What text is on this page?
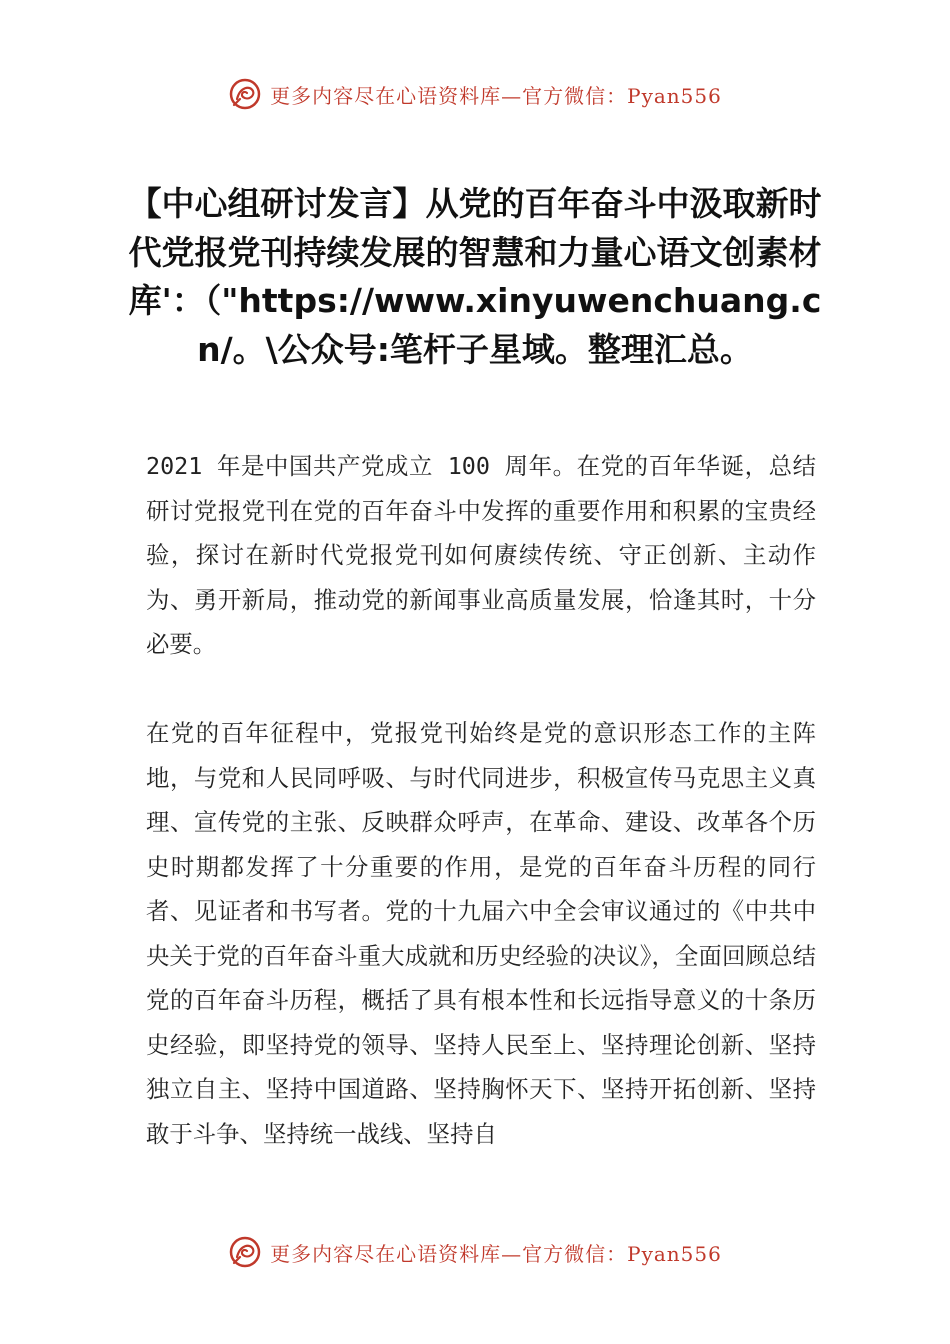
更多内容尽在心语资料库—官方微信：Pyan556
【中心组研讨发言】从党的百年奋斗中汲取新时代党报党刊持续发展的智慧和力量心语文创素材库'：（"https://www.xinyuwenchuang.cn/。\公众号:笔杆子星域。整理汇总。

2021 年是中国共产党成立 100 周年。在党的百年华诞，总结研讨党报党刊在党的百年奋斗中发挥的重要作用和积累的宝贵经验，探讨在新时代党报党刊如何赓续传统、守正创新、主动作为、勇开新局，推动党的新闻事业高质量发展，恰逢其时，十分必要。

在党的百年征程中，党报党刊始终是党的意识形态工作的主阵地，与党和人民同呼吸、与时代同进步，积极宣传马克思主义真理、宣传党的主张、反映群众呼声，在革命、建设、改革各个历史时期都发挥了十分重要的作用，是党的百年奋斗历程的同行者、见证者和书写者。党的十九届六中全会审议通过的《中共中央关于党的百年奋斗重大成就和历史经验的决议》，全面回顾总结党的百年奋斗历程，概括了具有根本性和长远指导意义的十条历史经验，即坚持党的领导、坚持人民至上、坚持理论创新、坚持独立自主、坚持中国道路、坚持胸怀天下、坚持开拓创新、坚持敢于斗争、坚持统一战线、坚持自

更多内容尽在心语资料库—官方微信：Pyan556
